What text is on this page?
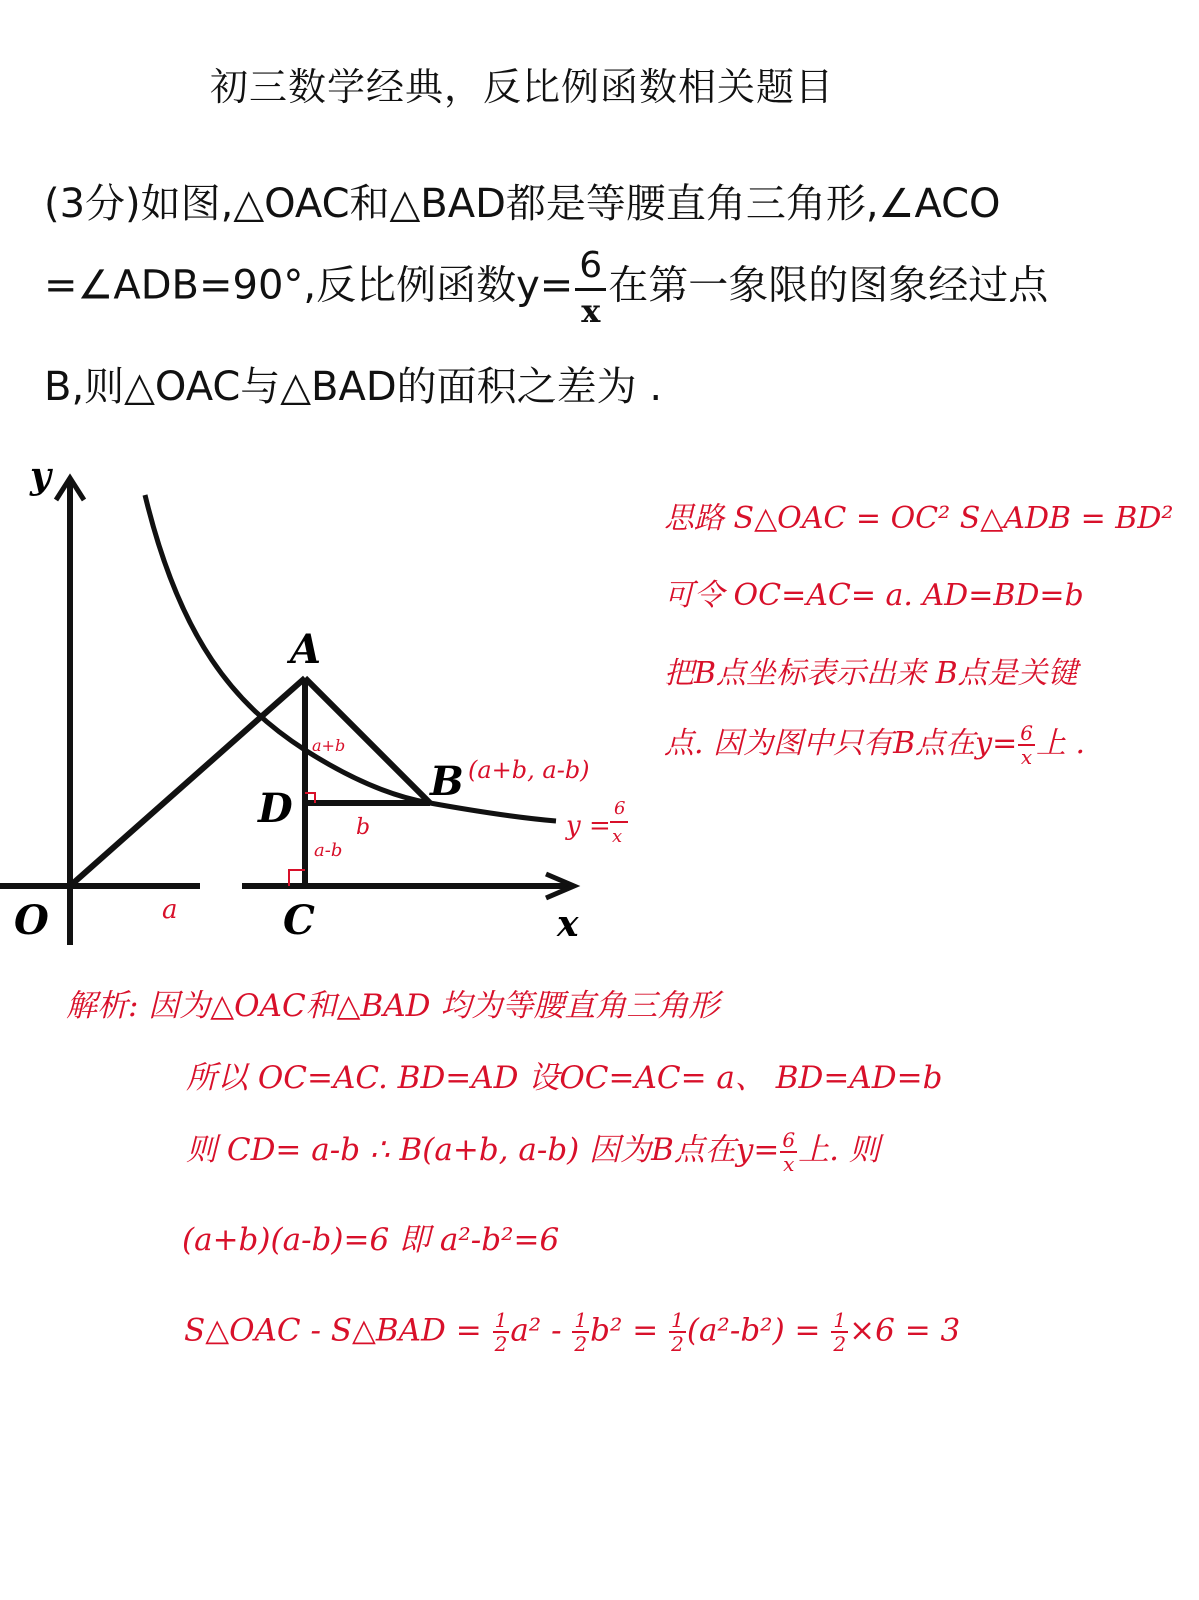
初三数学经典，反比例函数相关题目
(3分)如图,△OAC和△BAD都是等腰直角三角形,∠ACO
=∠ADB=90°,反比例函数$y= \frac{6}{x}$ 在第一象限的图象经过点
B,则△OAC与△BAD的面积之差为 .
y
x
O
A
B
C
D
a+b
b
a-b
a
(a+b, a-b)
y =
6
x
思路 S△OAC = OC² S△ADB = BD²
可令 OC=AC= a. AD=BD=b
把B点坐标表示出来 B点是关键
点. 因为图中只有B点在$y= \frac{6}{x}$ 上 .
解析: 因为△OAC和△BAD 均为等腰直角三角形
所以 OC=AC. BD=AD 设OC=AC= a、 BD=AD=b
则 CD= a-b ∴ B(a+b, a-b) 因为B点在$y= \frac{6}{x}$ 上. 则
(a+b)(a-b)=6 即 a²-b²=6
S△OAC - S△BAD = $\frac{1}{2} a^2 - \frac{1}{2} b^2 = \frac{1}{2} (a^2-b^2) = \frac{1}{2} \times 6 = 3$
